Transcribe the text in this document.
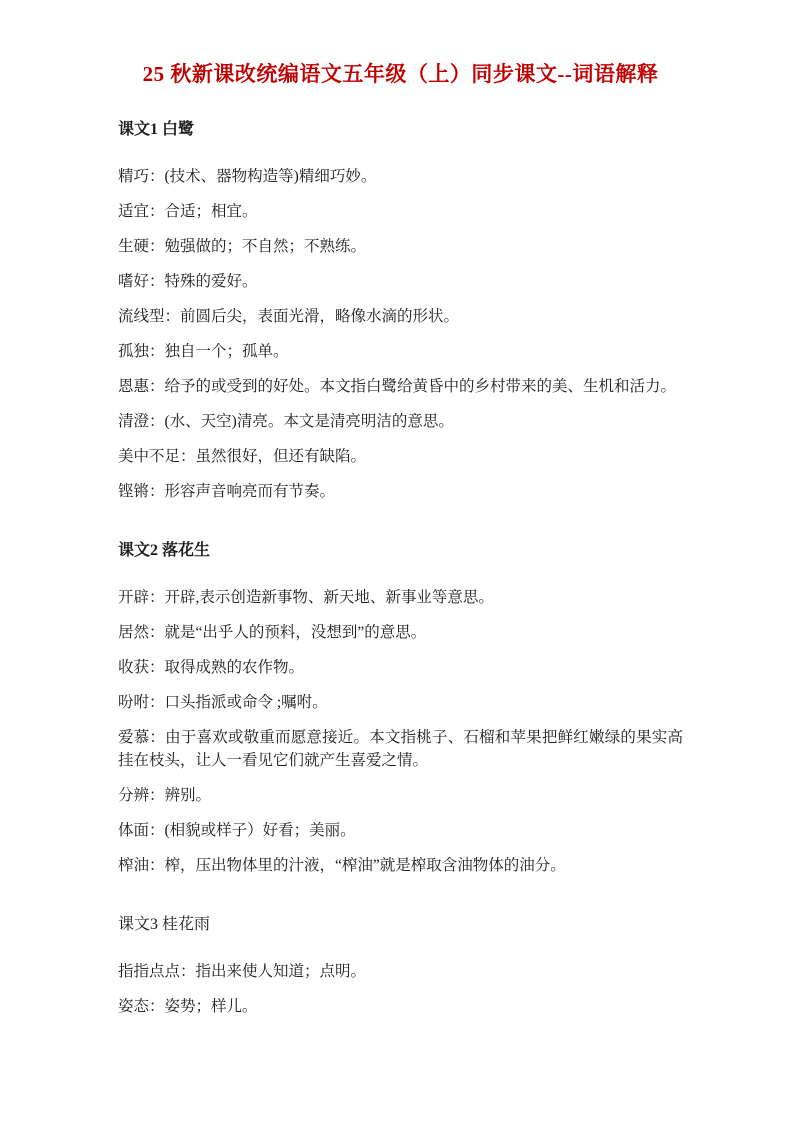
25 秋新课改统编语文五年级（上）同步课文--词语解释
课文1 白鹭

精巧：(技术、器物构造等)精细巧妙。

适宜：合适；相宜。

生硬：勉强做的；不自然；不熟练。

嗜好：特殊的爱好。

流线型：前圆后尖，表面光滑，略像水滴的形状。

孤独：独自一个；孤单。

恩惠：给予的或受到的好处。本文指白鹭给黄昏中的乡村带来的美、生机和活力。

清澄：(水、天空)清亮。本文是清亮明洁的意思。

美中不足：虽然很好，但还有缺陷。

铿锵：形容声音响亮而有节奏。

课文2 落花生

开辟：开辟,表示创造新事物、新天地、新事业等意思。

居然：就是“出乎人的预料，没想到”的意思。

收获：取得成熟的农作物。

吩咐：口头指派或命令 ;嘱咐。

爱慕：由于喜欢或敬重而愿意接近。本文指桃子、石榴和苹果把鲜红嫩绿的果实高挂在枝头，让人一看见它们就产生喜爱之情。

分辨：辨别。

体面：(相貌或样子）好看；美丽。

榨油：榨，压出物体里的汁液，“榨油”就是榨取含油物体的油分。

课文3 桂花雨

指指点点：指出来使人知道；点明。

姿态：姿势；样儿。
